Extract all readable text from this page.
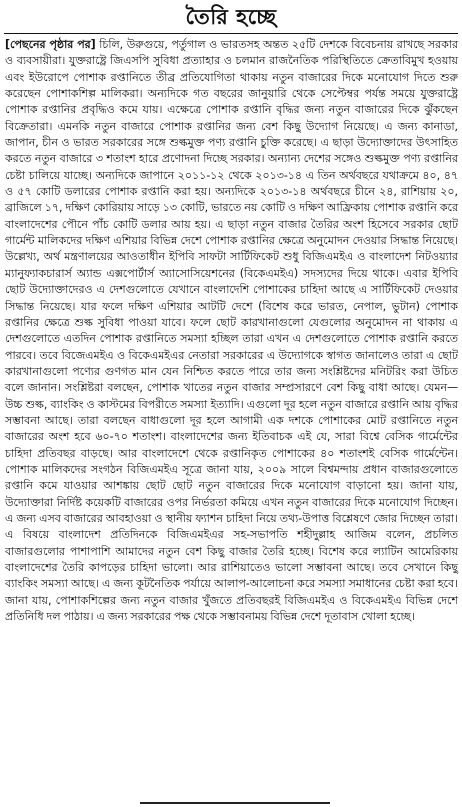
তৈরি হচ্ছে

[পেছনের পৃষ্ঠার পর] চিলি, উরুগুয়ে, পর্তুগাল ও ভারতসহ অন্তত ২৫টি দেশকে বিবেচনায় রাখছে সরকার ও ব্যবসায়ীরা। যুক্তরাষ্ট্রে জিএসপি সুবিধা প্রত্যাহার ও চলমান রাজনৈতিক পরিস্থিতিতে ক্রেতাবিমুখ হওয়ায় এবং ইউরোপে পোশাক রপ্তানিতে তীব্র প্রতিযোগিতা থাকায় নতুন বাজারের দিকে মনোযোগ দিতে শুরু করেছেন পোশাকশিল্প মালিকরা। অন্যদিকে গত বছরের জানুয়ারি থেকে সেপ্টেম্বর পর্যন্ত সময়ে যুক্তরাষ্ট্রে পোশাক রপ্তানির প্রবৃদ্ধিও কমে যায়। এক্ষেত্রে পোশাক রপ্তানি বৃদ্ধির জন্য নতুন বাজারের দিকে ঝুঁকছেন বিক্রেতারা। এমনকি নতুন বাজারে পোশাক রপ্তানির জন্য বেশ কিছু উদ্যোগ নিয়েছে। এ জন্য কানাডা, জাপান, চীন ও ভারত সরকারের সঙ্গে শুল্কমুক্ত পণ্য রপ্তানি চুক্তি করেছে। এ ছাড়া উদ্যোক্তাদের উৎসাহিত করতে নতুন বাজারে ৩ শতাংশ হারে প্রণোদনা দিচ্ছে সরকার। অন্যান্য দেশের সঙ্গেও শুল্কমুক্ত পণ্য রপ্তানির চেষ্টা চালিয়ে যাচ্ছে। অন্যদিকে জাপানে ২০১১-১২ থেকে ২০১৩-১৪ এ তিন অর্থবছরে যথাক্রমে ৪০, ৪৭ ও ৫৭ কোটি ডলারের পোশাক রপ্তানি করা হয়। অন্যদিকে ২০১৩-১৪ অর্থবছরে চীনে ২৪, রাশিয়ায় ২০, ব্রাজিলে ১৭, দক্ষিণ কোরিয়ায় সাড়ে ১৩ কোটি, ভারতে নয় কোটি ও দক্ষিণ আফ্রিকায় পোশাক রপ্তানি করে বাংলাদেশের পৌনে পাঁচ কোটি ডলার আয় হয়। এ ছাড়া নতুন বাজার তৈরির অংশ হিসেবে সরকার ছোট গার্মেন্ট মালিকদের দক্ষিণ এশিয়ার বিভিন্ন দেশে পোশাক রপ্তানির ক্ষেত্রে অনুমোদন দেওয়ার সিদ্ধান্ত নিয়েছে। উল্লেখ্য, অর্থ মন্ত্রণালয়ের আওতাধীন ইপিবি সাফটা সার্টিফিকেট শুধু বিজিএমইএ ও বাংলাদেশ নিটওয়্যার ম্যানুফ্যাকচারার্স অ্যান্ড এক্সপোর্টার্স অ্যাসোসিয়েশনের (বিকেএমইএ) সদস্যদের দিয়ে থাকে। এবার ইপিবি ছোট উদ্যোক্তাদেরও এ দেশগুলোতে যেখানে বাংলাদেশি পোশাকের চাহিদা আছে এ সার্টিফিকেট দেওয়ার সিদ্ধান্ত নিয়েছে। যার ফলে দক্ষিণ এশিয়ার আটটি দেশে (বিশেষ করে ভারত, নেপাল, ভুটান) পোশাক রপ্তানির ক্ষেত্রে শুল্ক সুবিধা পাওয়া যাবে। ফলে ছোট কারখানাগুলো যেগুলোর অনুমোদন না থাকায় এ দেশগুলোতে এতদিন পোশাক রপ্তানিতে সমস্যা হচ্ছিল তারা এখন এ দেশগুলোতে পোশাক রপ্তানি করতে পারবে। তবে বিজেএমইএ ও বিকেএমইএর নেতারা সরকারের এ উদ্যোগকে স্বাগত জানালেও তারা এ ছোট কারখানাগুলো পণ্যের গুণগত মান যেন নিশ্চিত করতে পারে তার জন্য সংশ্লিষ্টদের মনিটরিং করা উচিত বলে জানান। সংশ্লিষ্টরা বলছেন, পোশাক খাতের নতুন বাজার সম্প্রসারণে বেশ কিছু বাধা আছে। যেমন— উচ্চ শুল্ক, ব্যাংকিং ও কাস্টমের বিপরীতে সমস্যা ইত্যাদি। এগুলো দূর হলে নতুন বাজারে রপ্তানি আয় বৃদ্ধির সম্ভাবনা আছে। তারা বলছেন বাধাগুলো দূর হলে আগামী এক দশকে পোশাকের মোট রপ্তানিতে নতুন বাজারের অংশ হবে ৬০-৭০ শতাংশ। বাংলাদেশের জন্য ইতিবাচক এই যে, সারা বিশ্বে বেসিক গার্মেন্টের চাহিদা প্রতিবছর বাড়ছে। আর বাংলাদেশে থেকে রপ্তানিকৃত পোশাকের ৪০ শতাংশই বেসিক গার্মেন্টেন। পোশাক মালিকদের সংগঠন বিজিএমইএ সূত্রে জানা যায়, ২০০৯ সালে বিশ্বমন্দায় প্রধান বাজারগুলোতে রপ্তানি কমে যাওয়ার আশঙ্কায় ছোট ছোট নতুন বাজারের দিকে মনোযোগ বাড়ানো হয়। জানা যায়, উদ্যোক্তারা নির্দিষ্ট কয়েকটি বাজারের ওপর নির্ভরতা কমিয়ে এখন নতুন বাজারের দিকে মনোযোগ দিচ্ছেন। এ জন্য এসব বাজারের আবহাওয়া ও স্থানীয় ফ্যাশন চাহিদা নিয়ে তথ্য-উপাত্ত বিশ্লেষণে জোর দিচ্ছেন তারা। এ বিষয়ে বাংলাদেশ প্রতিদিনকে বিজিএমইএর সহ-সভাপতি শহীদুল্লাহ আজিম বলেন, প্রচলিত বাজারগুলোর পাশাপাশি আমাদের নতুন বেশ কিছু বাজার তৈরি হচ্ছে। বিশেষ করে ল্যাটিন আমেরিকায় বাংলাদেশের তৈরি কাপড়ের চাহিদা ভালো। আর রাশিয়াতেও ভালো সম্ভাবনা আছে। তবে সেখানে কিছু ব্যাংকিং সমস্যা আছে। এ জন্য কূটনৈতিক পর্যায়ে আলাপ-আলোচনা করে সমস্যা সমাধানের চেষ্টা করা হবে। জানা যায়, পোশাকশিল্পের জন্য নতুন বাজার খুঁজতে প্রতিবছরই বিজিএমইএ ও বিকেএমইএ বিভিন্ন দেশে প্রতিনিধি দল পাঠায়। এ জন্য সরকারের পক্ষ থেকে সম্ভাবনাময় বিভিন্ন দেশে দূতাবাস খোলা হচ্ছে।
